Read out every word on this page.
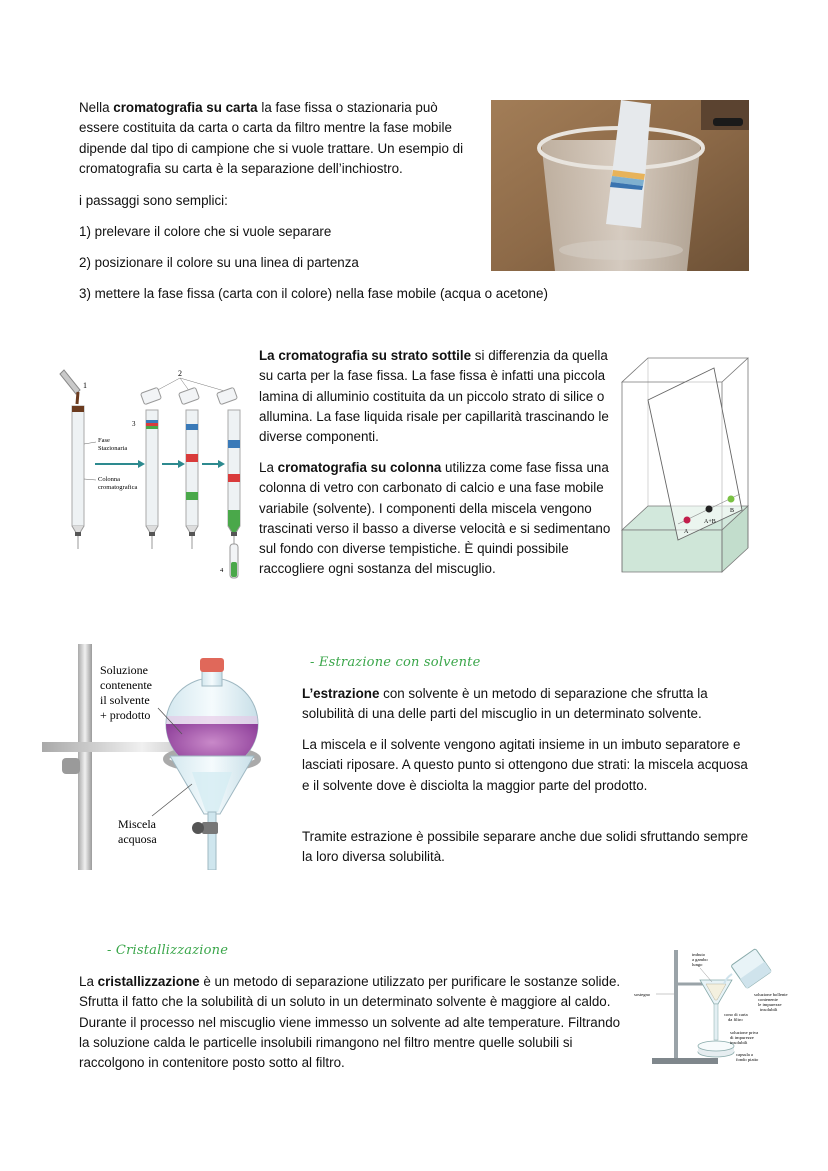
Nella cromatografia su carta la fase fissa o stazionaria può essere costituita da carta o carta da filtro mentre la fase mobile dipende dal tipo di campione che si vuole trattare. Un esempio di cromatografia su carta è la separazione dell’inchiostro.

i passaggi sono semplici:

1) prelevare il colore che si vuole separare

2) posizionare il colore su una linea di partenza

3) mettere la fase fissa (carta con il colore) nella fase mobile (acqua o acetone)

1
Fase
Stazionaria
Colonna
cromatografica
2
3
4

La cromatografia su strato sottile si differenzia da quella su carta per la fase fissa. La fase fissa è infatti una piccola lamina di alluminio costituita da un piccolo strato di silice o allumina. La fase liquida risale per capillarità trascinando le diverse componenti.

La cromatografia su colonna utilizza come fase fissa una colonna di vetro con carbonato di calcio e una fase mobile variabile (solvente). I componenti della miscela vengono trascinati verso il basso a diverse velocità e si sedimentano sul fondo con diverse tempistiche. È quindi possibile raccogliere ogni sostanza del miscuglio.

A
A+B
B
Soluzione
contenente
il solvente
+ prodotto
Miscela
acquosa
- Estrazione con solvente

L’estrazione con solvente è un metodo di separazione che sfrutta la solubilità di una delle parti del miscuglio in un determinato solvente.

La miscela e il solvente vengono agitati insieme in un imbuto separatore e lasciati riposare. A questo punto si ottengono due strati: la miscela acquosa e il solvente dove è disciolta la maggior parte del prodotto.

Tramite estrazione è possibile separare anche due solidi sfruttando sempre la loro diversa solubilità.

- Cristallizzazione

La cristallizzazione è un metodo di separazione utilizzato per purificare le sostanze solide. Sfrutta il fatto che la solubilità di un soluto in un determinato solvente è maggiore al caldo. Durante il processo nel miscuglio viene immesso un solvente ad alte temperature. Filtrando la soluzione calda le particelle insolubili rimangono nel filtro mentre quelle solubili si raccolgono in contenitore posto sotto al filtro.

imbuto
a gambo
lungo
sostegno	soluzione bollente
contenente
le impurezze
insolubili
cono di carta
da filtro
soluzione priva
di impurezze
insolubili
capsula a
fondo piatto
